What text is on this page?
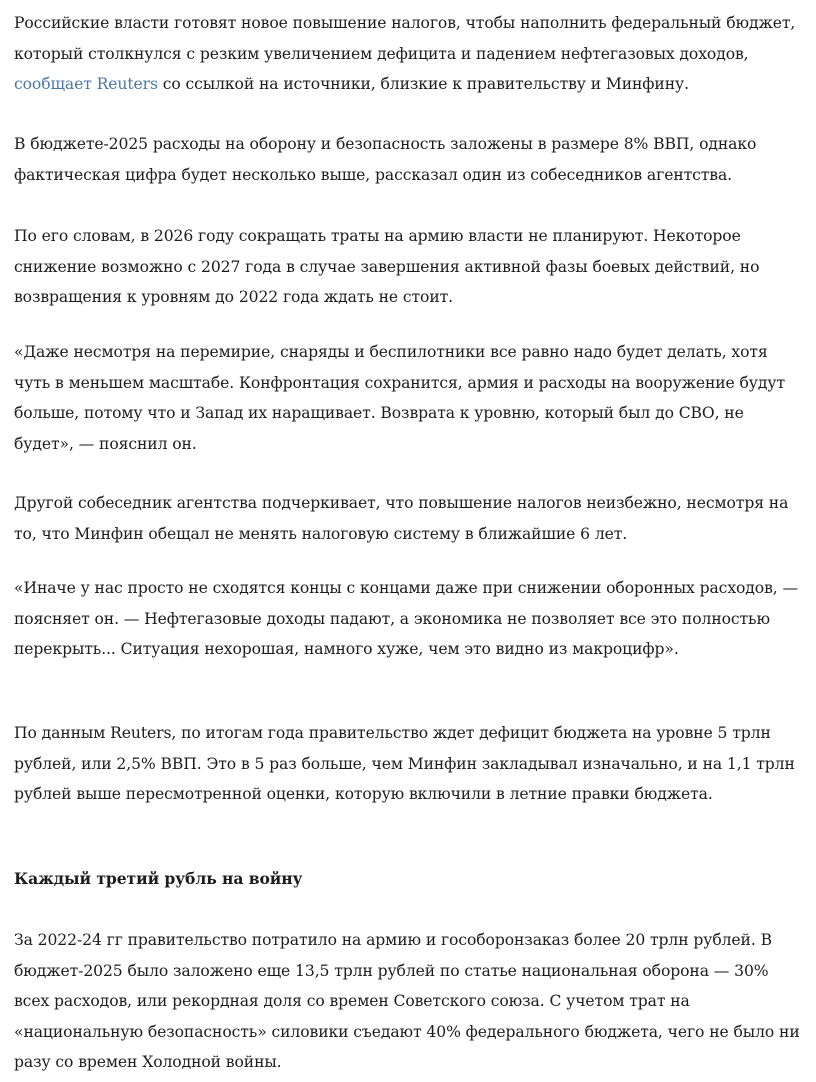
Российские власти готовят новое повышение налогов, чтобы наполнить федеральный бюджет, который столкнулся с резким увеличением дефицита и падением нефтегазовых доходов, сообщает Reuters со ссылкой на источники, близкие к правительству и Минфину.

В бюджете-2025 расходы на оборону и безопасность заложены в размере 8% ВВП, однако фактическая цифра будет несколько выше, рассказал один из собеседников агентства.

По его словам, в 2026 году сокращать траты на армию власти не планируют. Некоторое снижение возможно с 2027 года в случае завершения активной фазы боевых действий, но возвращения к уровням до 2022 года ждать не стоит.

«Даже несмотря на перемирие, снаряды и беспилотники все равно надо будет делать, хотя чуть в меньшем масштабе. Конфронтация сохранится, армия и расходы на вооружение будут больше, потому что и Запад их наращивает. Возврата к уровню, который был до СВО, не будет», — пояснил он.

Другой собеседник агентства подчеркивает, что повышение налогов неизбежно, несмотря на то, что Минфин обещал не менять налоговую систему в ближайшие 6 лет.

«Иначе у нас просто не сходятся концы с концами даже при снижении оборонных расходов, — поясняет он. — Нефтегазовые доходы падают, а экономика не позволяет все это полностью перекрыть... Ситуация нехорошая, намного хуже, чем это видно из макроцифр».

По данным Reuters, по итогам года правительство ждет дефицит бюджета на уровне 5 трлн рублей, или 2,5% ВВП. Это в 5 раз больше, чем Минфин закладывал изначально, и на 1,1 трлн рублей выше пересмотренной оценки, которую включили в летние правки бюджета.

Каждый третий рубль на войну

За 2022-24 гг правительство потратило на армию и гособоронзаказ более 20 трлн рублей. В бюджет-2025 было заложено еще 13,5 трлн рублей по статье национальная оборона — 30% всех расходов, или рекордная доля со времен Советского союза. С учетом трат на «национальную безопасность» силовики съедают 40% федерального бюджета, чего не было ни разу со времен Холодной войны.
